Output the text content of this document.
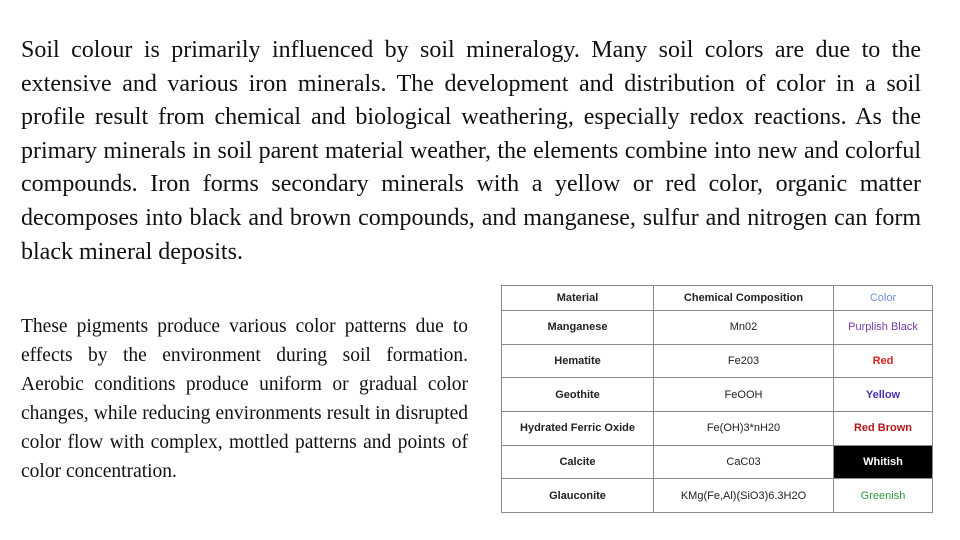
Soil colour is primarily influenced by soil mineralogy. Many soil colors are due to the extensive and various iron minerals. The development and distribution of color in a soil profile result from chemical and biological weathering, especially redox reactions. As the primary minerals in soil parent material weather, the elements combine into new and colorful compounds. Iron forms secondary minerals with a yellow or red color, organic matter decomposes into black and brown compounds, and manganese, sulfur and nitrogen can form black mineral deposits.

These pigments produce various color patterns due to effects by the environment during soil formation. Aerobic conditions produce uniform or gradual color changes, while reducing environments result in disrupted color flow with complex, mottled patterns and points of color concentration.

Material	Chemical Composition	Color
Manganese	Mn02	Purplish Black
Hematite	Fe203	Red
Geothite	FeOOH	Yellow
Hydrated Ferric Oxide	Fe(OH)3*nH20	Red Brown
Calcite	CaC03	Whitish
Glauconite	KMg(Fe,Al)(SiO3)6.3H2O	Greenish
